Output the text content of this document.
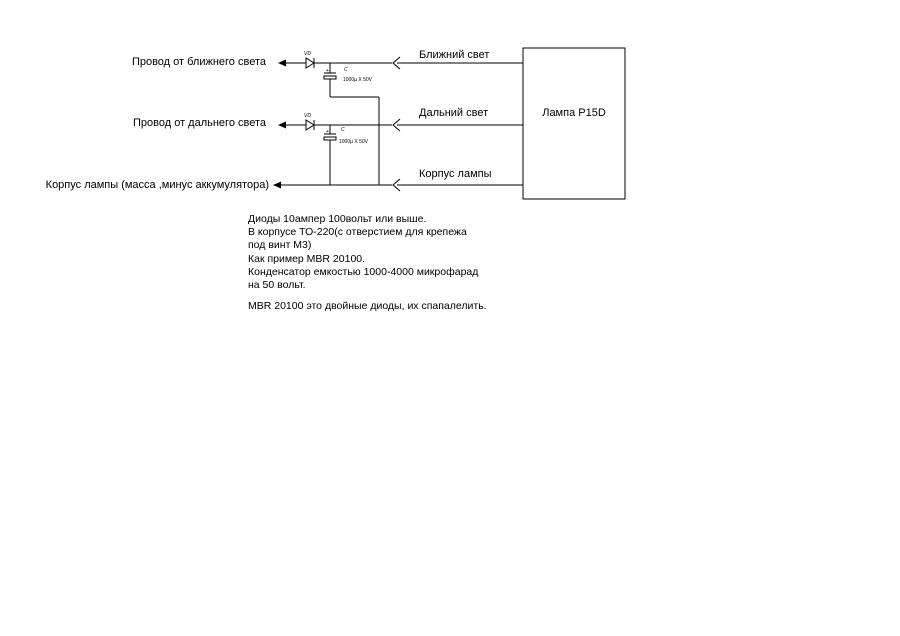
Лампа P15D
Провод от ближнего света
Провод от дальнего света
Корпус лампы (масса ,минус аккумулятора)
VD	Ближний свет
+	C
1000µ X 50V
VD	Дальний свет
+ C
1000µ X 50V
Корпус лампы
Диоды 10ампер 100вольт или выше.
В корпусе ТО-220(с отверстием для крепежа
под винт М3)
Как пример MBR 20100.
Конденсатор емкостью 1000-4000 микрофарад
на 50 вольт.
MBR 20100 это двойные диоды, их спапалелить.
